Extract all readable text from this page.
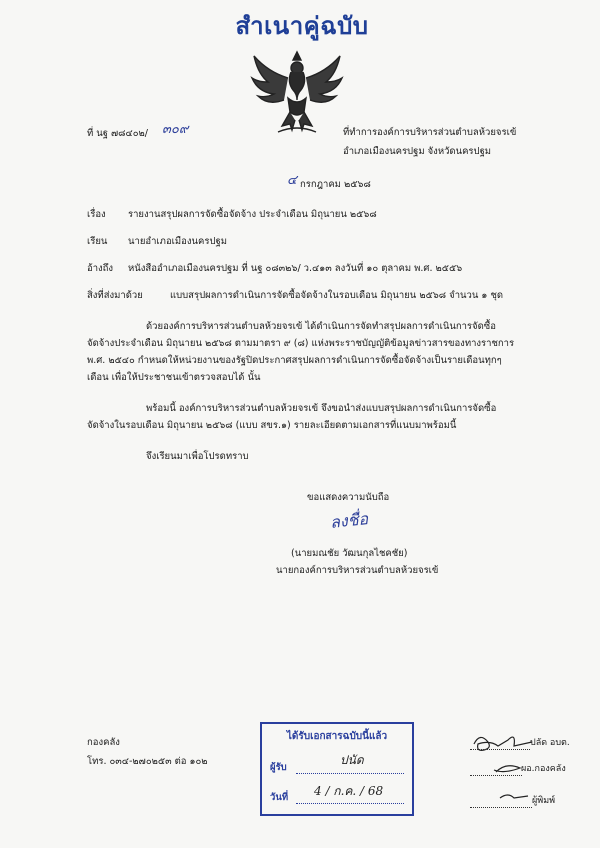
สำเนาคู่ฉบับ
ที่ นฐ ๗๘๔๐๒/ ๓๐๙	ที่ทำการองค์การบริหารส่วนตำบลห้วยจรเข้
อำเภอเมืองนครปฐม จังหวัดนครปฐม
๔ กรกฎาคม ๒๕๖๘
เรื่อง รายงานสรุปผลการจัดซื้อจัดจ้าง ประจำเดือน มิถุนายน ๒๕๖๘
เรียน นายอำเภอเมืองนครปฐม
อ้างถึง หนังสืออำเภอเมืองนครปฐม ที่ นฐ ๐๘๓๒๖/ ว.๔๑๓ ลงวันที่ ๑๐ ตุลาคม พ.ศ. ๒๕๕๖
สิ่งที่ส่งมาด้วย	แบบสรุปผลการดำเนินการจัดซื้อจัดจ้างในรอบเดือน มิถุนายน ๒๕๖๘ จำนวน ๑ ชุด
ด้วยองค์การบริหารส่วนตำบลห้วยจรเข้ ได้ดำเนินการจัดทำสรุปผลการดำเนินการจัดซื้อ
จัดจ้างประจำเดือน มิถุนายน ๒๕๖๘ ตามมาตรา ๙ (๘) แห่งพระราชบัญญัติข้อมูลข่าวสารของทางราชการ
พ.ศ. ๒๕๔๐ กำหนดให้หน่วยงานของรัฐปิดประกาศสรุปผลการดำเนินการจัดซื้อจัดจ้างเป็นรายเดือนทุกๆ
เดือน เพื่อให้ประชาชนเข้าตรวจสอบได้ นั้น
พร้อมนี้ องค์การบริหารส่วนตำบลห้วยจรเข้ จึงขอนำส่งแบบสรุปผลการดำเนินการจัดซื้อ
จัดจ้างในรอบเดือน มิถุนายน ๒๕๖๘ (แบบ สขร.๑) รายละเอียดตามเอกสารที่แนบมาพร้อมนี้
จึงเรียนมาเพื่อโปรดทราบ
ขอแสดงความนับถือ
ลงชื่อ
(นายมณชัย วัฒนกุลไชคชัย)
นายกองค์การบริหารส่วนตำบลห้วยจรเข้
กองคลัง
โทร. ๐๓๔-๒๗๐๒๕๓ ต่อ ๑๐๒
ได้รับเอกสารฉบับนี้แล้ว
ผู้รับ
ปนัด
วันที่ 4 / ก.ค. / 68
ปลัด อบต.
ผอ.กองคลัง
ผู้พิมพ์
